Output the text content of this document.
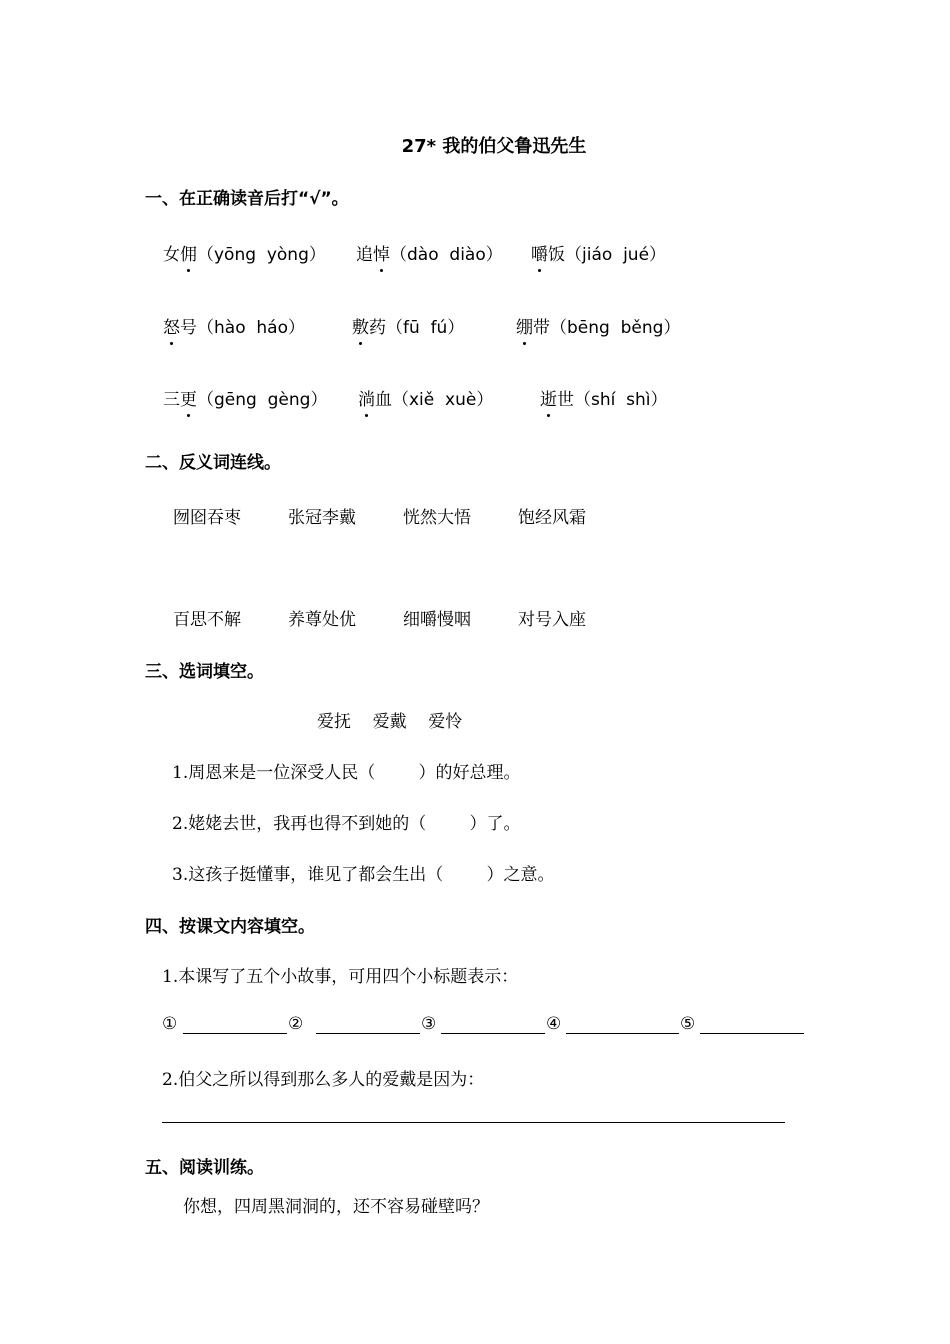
27* 我的伯父鲁迅先生
一、在正确读音后打“√”。
女佣（yōng  yòng） 追悼（dào  diào） 嚼饭（jiáo  jué）
怒号（hào  háo）	敷药（fū  fú）	绷带（bēng  běng）
三更（gēng  gèng） 淌血（xiě  xuè）	逝世（shí  shì）
二、反义词连线。
囫囵吞枣	张冠李戴	恍然大悟	饱经风霜
百思不解	养尊处优	细嚼慢咽	对号入座
三、选词填空。
爱抚    爱戴    爱怜
1.周恩来是一位深受人民（        ）的好总理。
2.姥姥去世，我再也得不到她的（        ）了。
3.这孩子挺懂事，谁见了都会生出（        ）之意。
四、按课文内容填空。
1.本课写了五个小故事，可用四个小标题表示：
①	②	③	④	⑤
2.伯父之所以得到那么多人的爱戴是因为：
五、阅读训练。
你想，四周黑洞洞的，还不容易碰壁吗？
